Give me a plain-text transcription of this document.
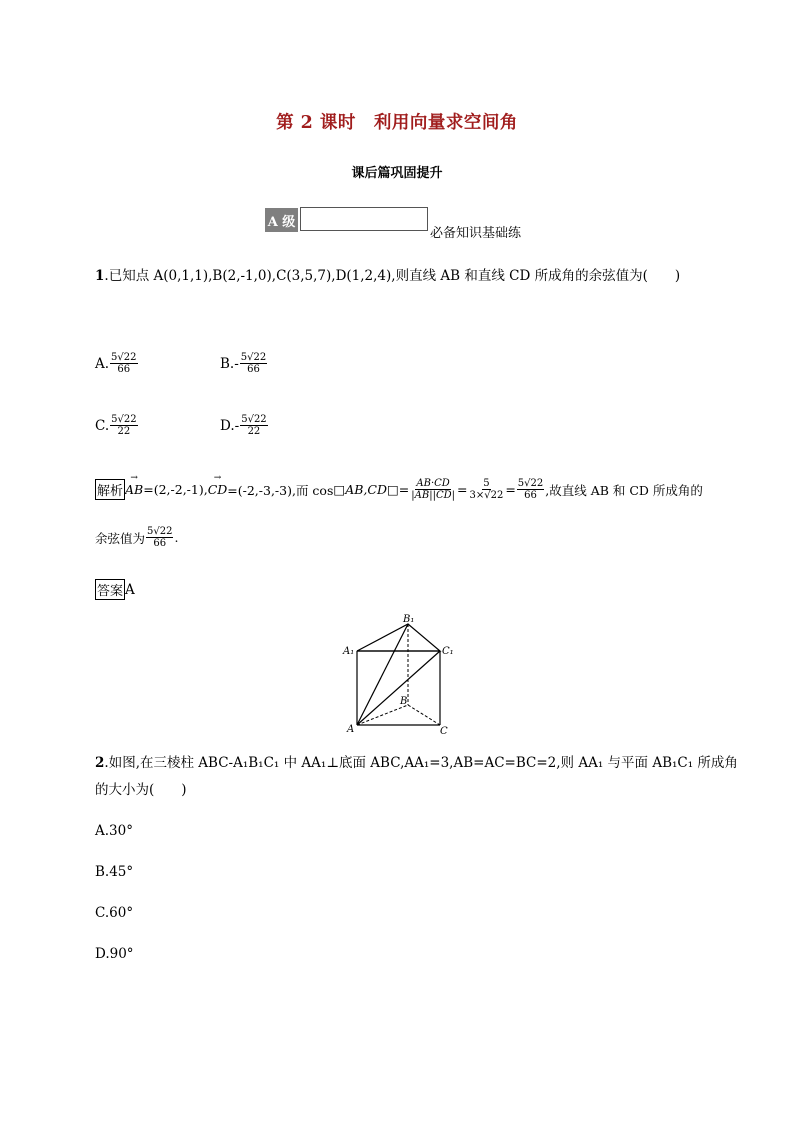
第 2 课时　利用向量求空间角
课后篇巩固提升
A 级
必备知识基础练
1.已知点 A(0,1,1),B(2,-1,0),C(3,5,7),D(1,2,4),则直线 AB 和直线 CD 所成角的余弦值为(　　)
A. $\frac{5√22}{66}$	B. - $\frac{5√22}{66}$
C. $\frac{5√22}{22}$	D. - $\frac{5√22}{22}$
解析 → AB =(2,-2,-1), → CD =(-2,-3,-3),而 cos □ AB,CD □= $\frac{AB\cdot CD}{|AB||CD|} = \frac{5}{3\times√22} = \frac{5√22}{66}$ ,故直线 AB 和 CD 所成角的
余弦值为 $\frac{5√22}{66}$ .
答案 A
B₁
A₁	C₁
B
A	C
2.如图,在三棱柱 ABC-A₁B₁C₁ 中 AA₁⊥底面 ABC,AA₁=3,AB=AC=BC=2,则 AA₁ 与平面 AB₁C₁ 所成角
的大小为(　　)
A.30°
B.45°
C.60°
D.90°
